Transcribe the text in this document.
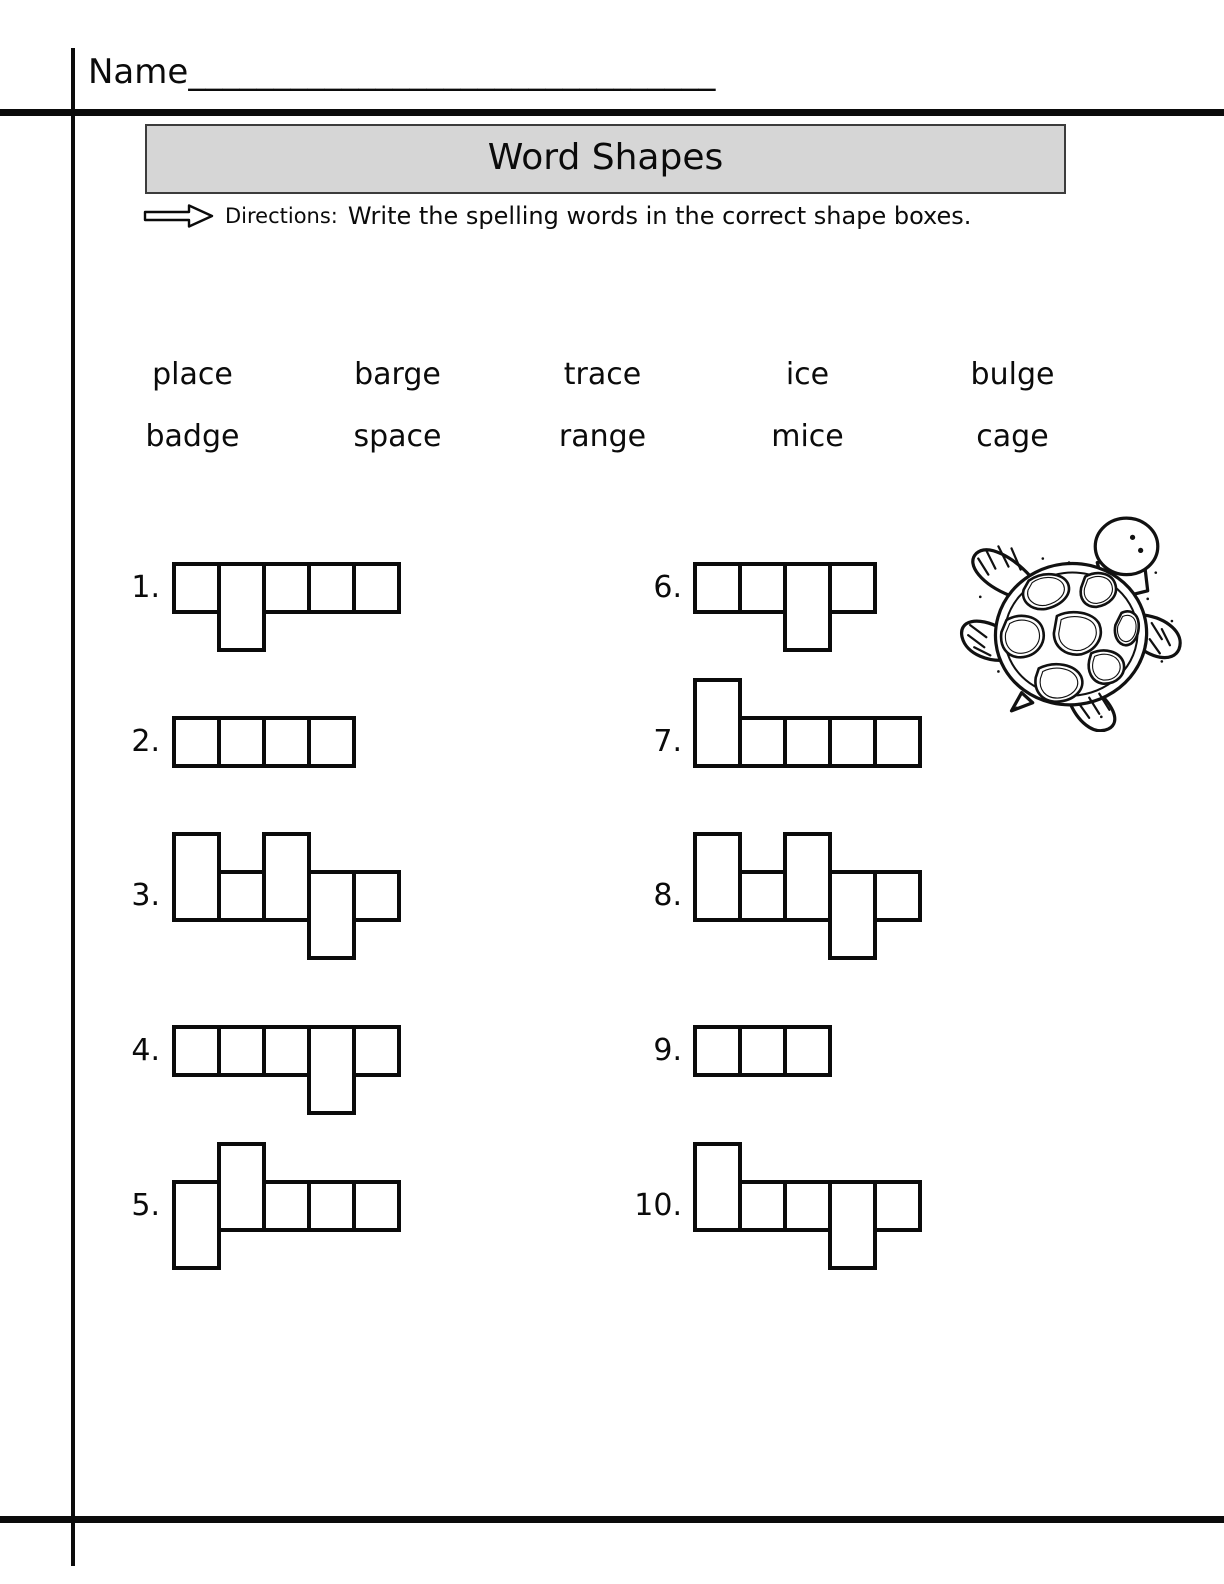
Name_______________________________
Word Shapes
Directions: Write the spelling words in the correct shape boxes.
place	barge	trace	ice	bulge
badge	space	range	mice	cage
1.
2.
3.
4.
5.
6.
7.
8.
9.
10.
